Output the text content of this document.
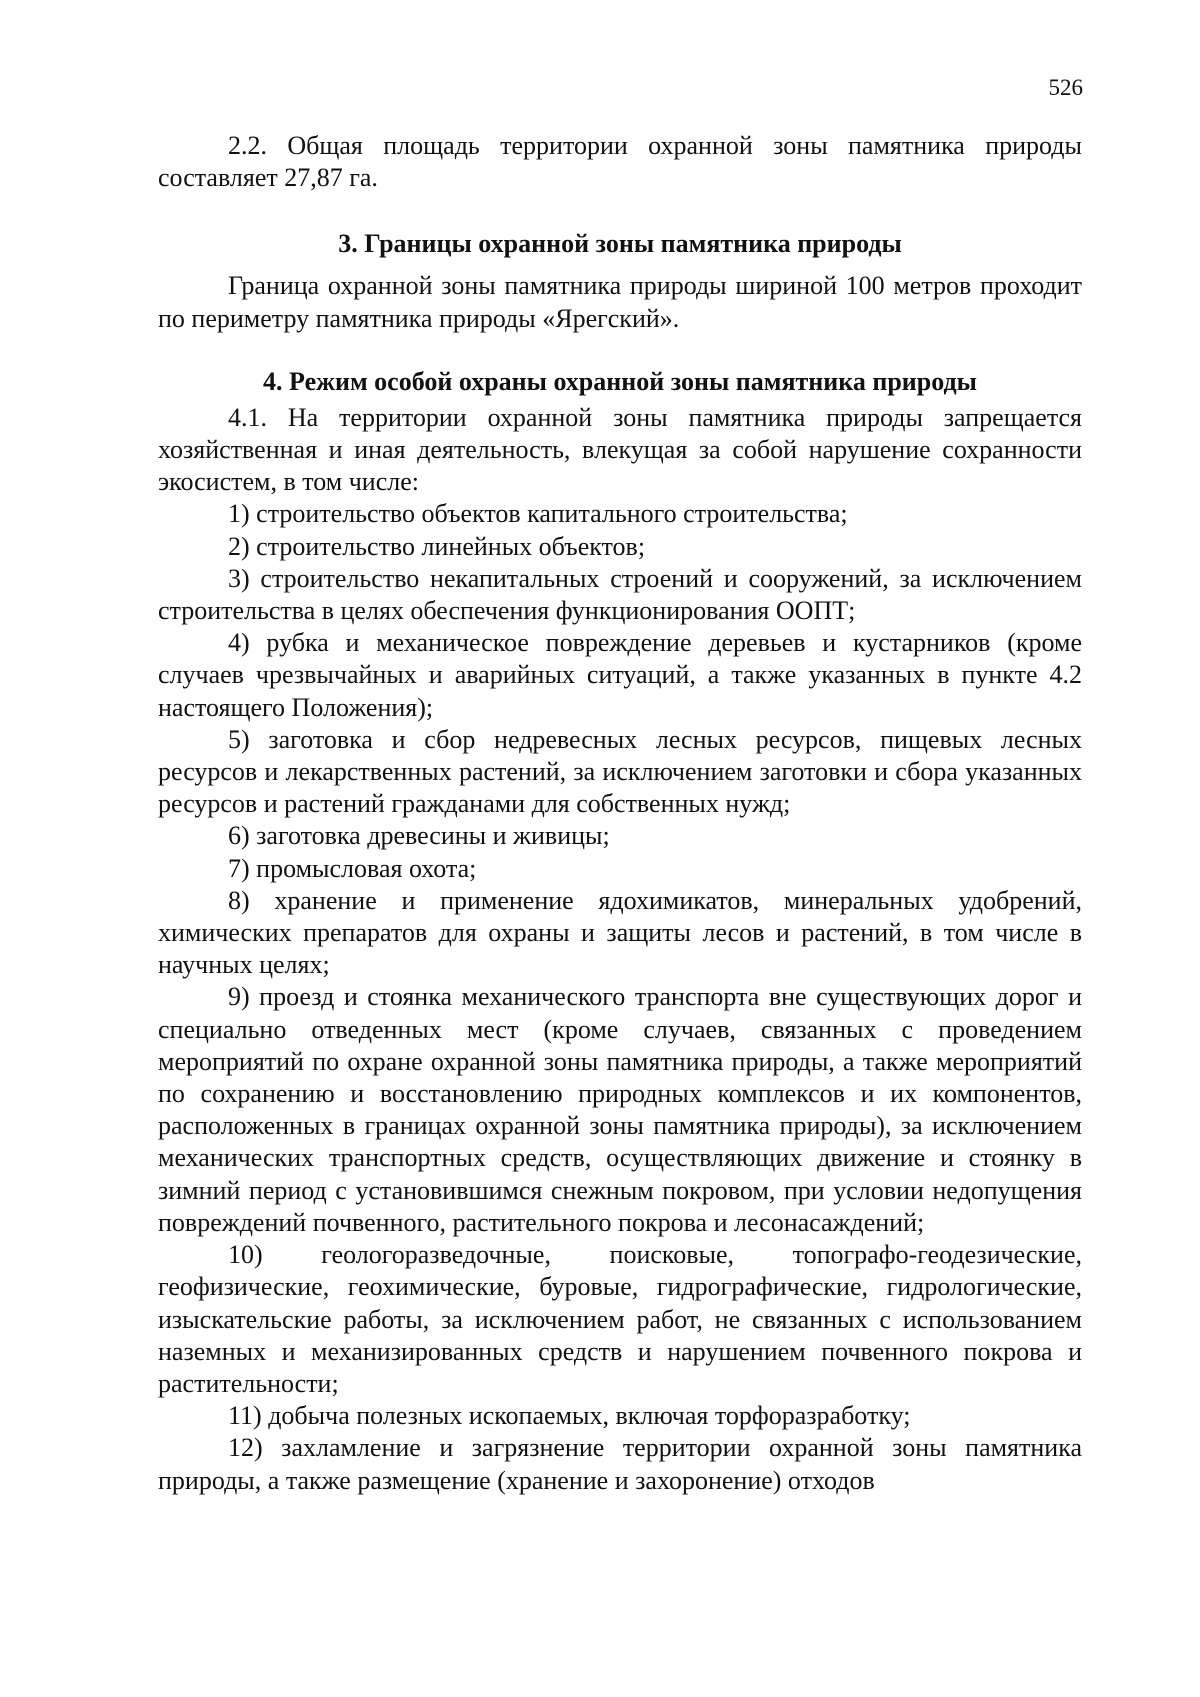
526

2.2. Общая площадь территории охранной зоны памятника природы составляет 27,87 га.

3. Границы охранной зоны памятника природы

Граница охранной зоны памятника природы шириной 100 метров проходит по периметру памятника природы «Ярегский».

4. Режим особой охраны охранной зоны памятника природы

4.1. На территории охранной зоны памятника природы запрещается хозяйственная и иная деятельность, влекущая за собой нарушение сохранности экосистем, в том числе:

1) строительство объектов капитального строительства;

2) строительство линейных объектов;

3) строительство некапитальных строений и сооружений, за исключением строительства в целях обеспечения функционирования ООПТ;

4) рубка и механическое повреждение деревьев и кустарников (кроме случаев чрезвычайных и аварийных ситуаций, а также указанных в пункте 4.2 настоящего Положения);

5) заготовка и сбор недревесных лесных ресурсов, пищевых лесных ресурсов и лекарственных растений, за исключением заготовки и сбора указанных ресурсов и растений гражданами для собственных нужд;

6) заготовка древесины и живицы;

7) промысловая охота;

8) хранение и применение ядохимикатов, минеральных удобрений, химических препаратов для охраны и защиты лесов и растений, в том числе в научных целях;

9) проезд и стоянка механического транспорта вне существующих дорог и специально отведенных мест (кроме случаев, связанных с проведением мероприятий по охране охранной зоны памятника природы, а также мероприятий по сохранению и восстановлению природных комплексов и их компонентов, расположенных в границах охранной зоны памятника природы), за исключением механических транспортных средств, осуществляющих движение и стоянку в зимний период с установившимся снежным покровом, при условии недопущения повреждений почвенного, растительного покрова и лесонасаждений;

10) геологоразведочные, поисковые, топографо-геодезические, геофизические, геохимические, буровые, гидрографические, гидрологические, изыскательские работы, за исключением работ, не связанных с использованием наземных и механизированных средств и нарушением почвенного покрова и растительности;

11) добыча полезных ископаемых, включая торфоразработку;

12) захламление и загрязнение территории охранной зоны памятника природы, а также размещение (хранение и захоронение) отходов
